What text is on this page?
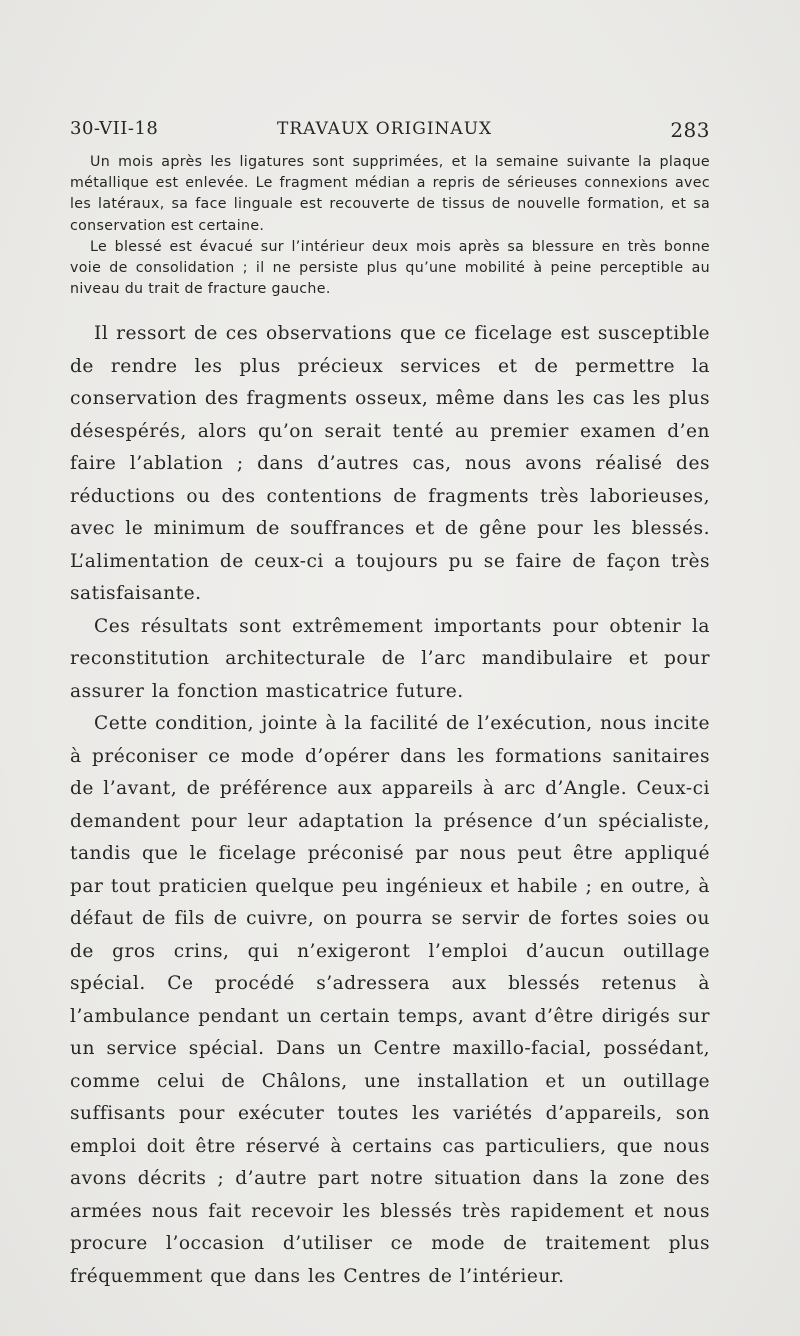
30-VII-18	TRAVAUX ORIGINAUX	283

Un mois après les ligatures sont supprimées, et la semaine suivante la plaque métallique est enlevée. Le fragment médian a repris de sérieuses connexions avec les latéraux, sa face linguale est recouverte de tissus de nouvelle formation, et sa conservation est certaine.

Le blessé est évacué sur l’intérieur deux mois après sa blessure en très bonne voie de consolidation ; il ne persiste plus qu’une mobilité à peine perceptible au niveau du trait de fracture gauche.

Il ressort de ces observations que ce ficelage est susceptible de rendre les plus précieux services et de permettre la conservation des fragments osseux, même dans les cas les plus désespérés, alors qu’on serait tenté au premier examen d’en faire l’ablation ; dans d’autres cas, nous avons réalisé des réductions ou des contentions de fragments très laborieuses, avec le minimum de souffrances et de gêne pour les blessés. L’alimentation de ceux-ci a toujours pu se faire de façon très satisfaisante.

Ces résultats sont extrêmement importants pour obtenir la reconstitution architecturale de l’arc mandibulaire et pour assurer la fonction masticatrice future.

Cette condition, jointe à la facilité de l’exécution, nous incite à préconiser ce mode d’opérer dans les formations sanitaires de l’avant, de préférence aux appareils à arc d’Angle. Ceux-ci demandent pour leur adaptation la présence d’un spécialiste, tandis que le ficelage préconisé par nous peut être appliqué par tout praticien quelque peu ingénieux et habile ; en outre, à défaut de fils de cuivre, on pourra se servir de fortes soies ou de gros crins, qui n’exigeront l’emploi d’aucun outillage spécial. Ce procédé s’adressera aux blessés retenus à l’ambulance pendant un certain temps, avant d’être dirigés sur un service spécial. Dans un Centre maxillo-facial, possédant, comme celui de Châlons, une installation et un outillage suffisants pour exécuter toutes les variétés d’appareils, son emploi doit être réservé à certains cas particuliers, que nous avons décrits ; d’autre part notre situation dans la zone des armées nous fait recevoir les blessés très rapidement et nous procure l’occasion d’utiliser ce mode de traitement plus fréquemment que dans les Centres de l’intérieur.
